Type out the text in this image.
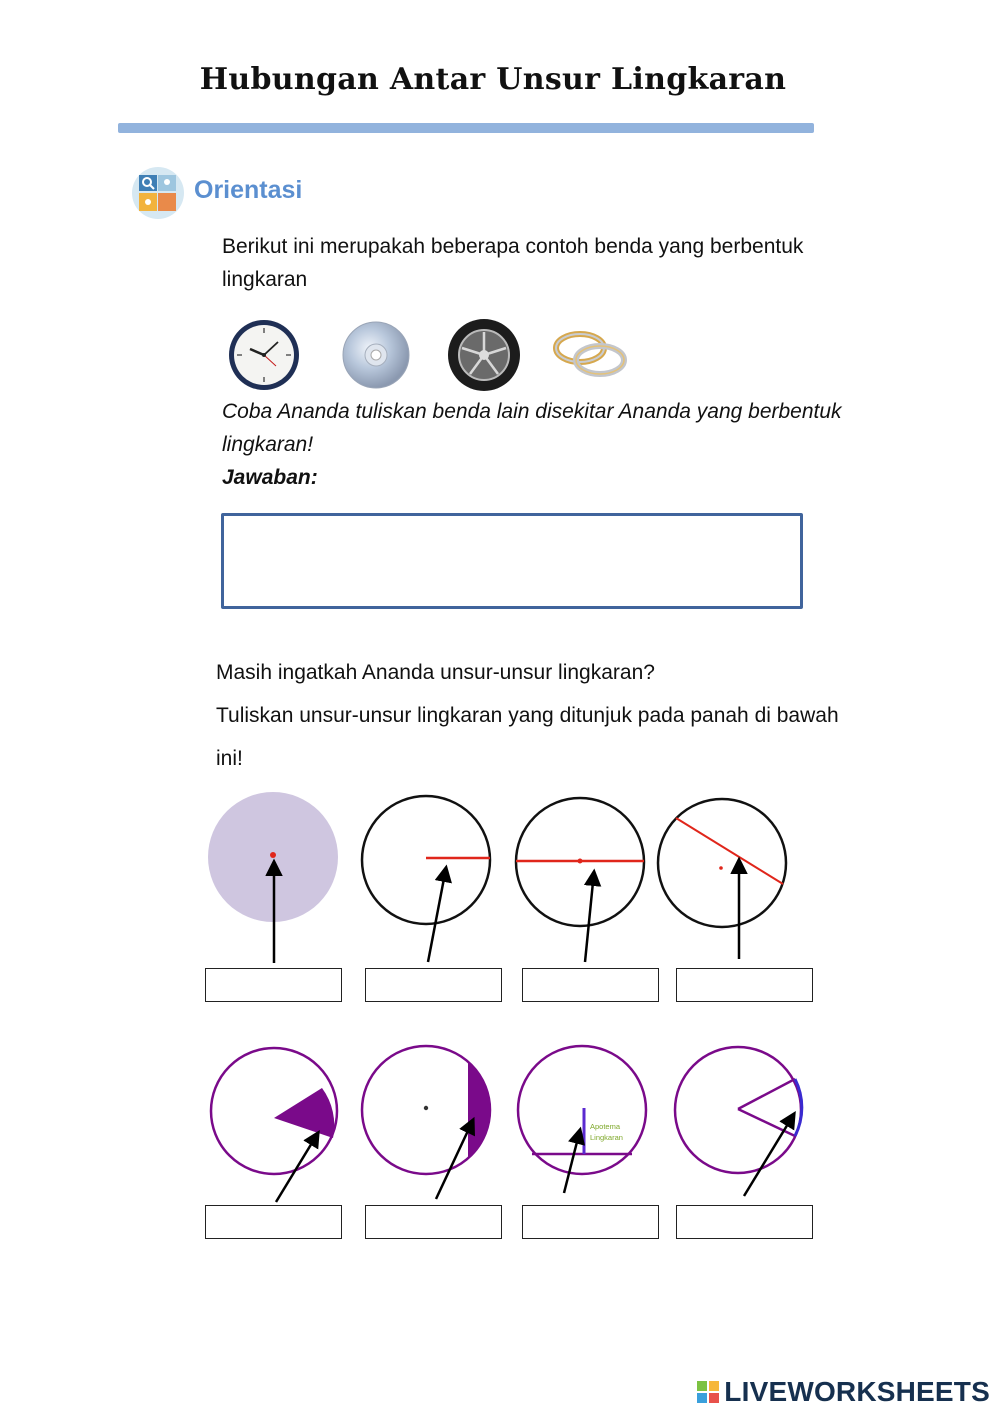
Hubungan Antar Unsur Lingkaran
Orientasi
Berikut ini merupakah beberapa contoh benda yang berbentuk
lingkaran
Coba Ananda tuliskan benda lain disekitar Ananda yang berbentuk
lingkaran!
Jawaban:
Masih ingatkah Ananda unsur-unsur lingkaran?
Tuliskan unsur-unsur lingkaran yang ditunjuk pada panah di bawah
ini!
Apotema
Lingkaran
LIVEWORKSHEETS
